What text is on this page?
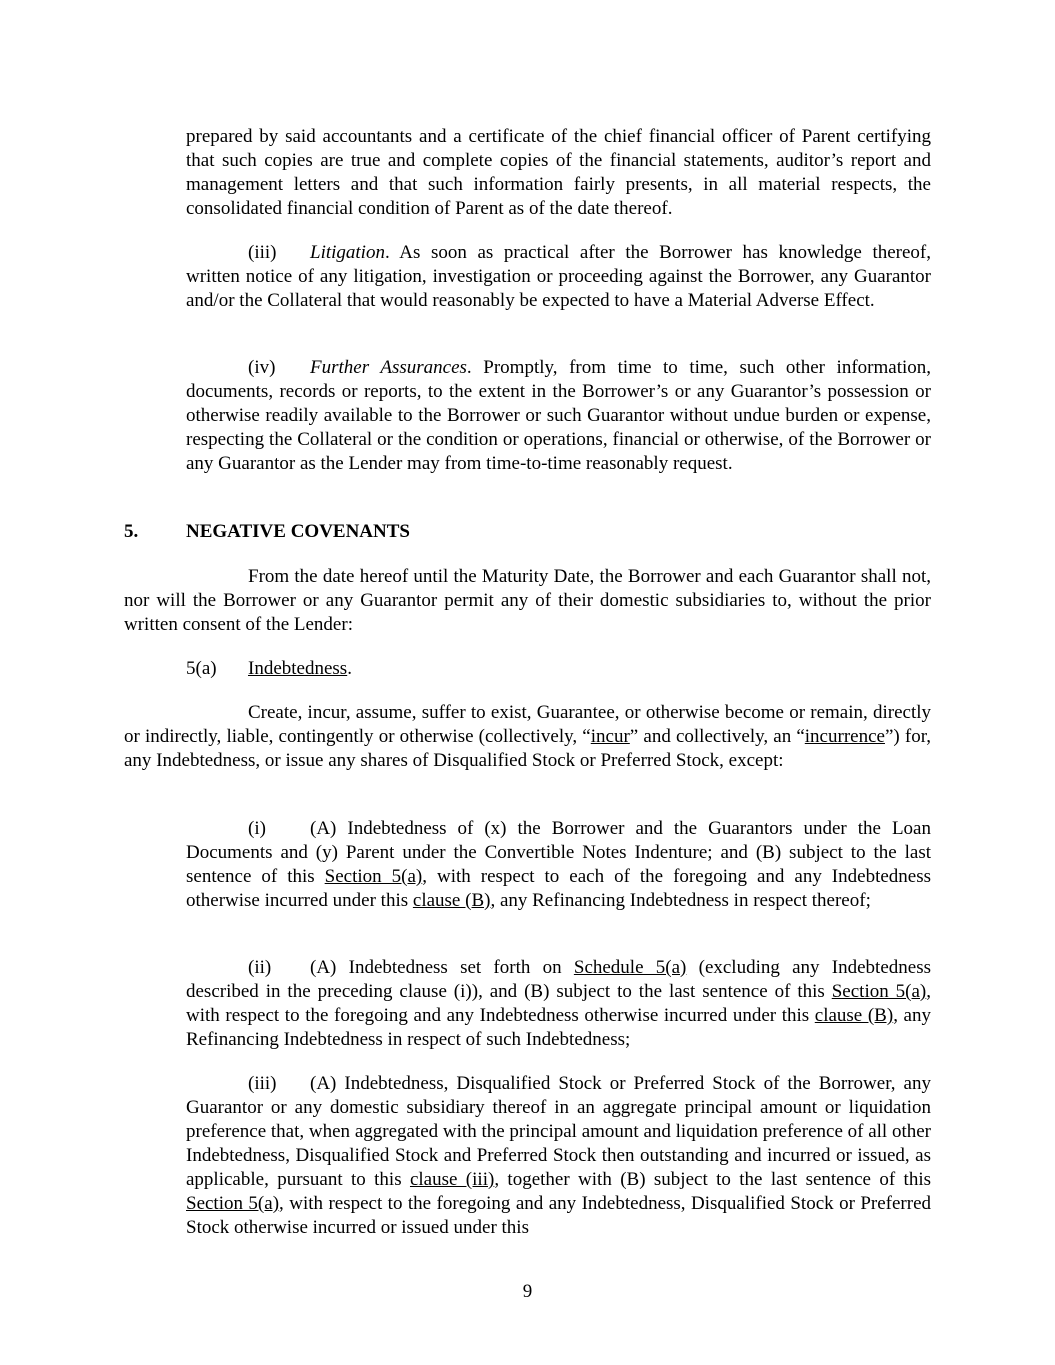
prepared by said accountants and a certificate of the chief financial officer of Parent certifying that such copies are true and complete copies of the financial statements, auditor’s report and management letters and that such information fairly presents, in all material respects, the consolidated financial condition of Parent as of the date thereof.

(iii) Litigation. As soon as practical after the Borrower has knowledge thereof, written notice of any litigation, investigation or proceeding against the Borrower, any Guarantor and/or the Collateral that would reasonably be expected to have a Material Adverse Effect.

(iv) Further Assurances. Promptly, from time to time, such other information, documents, records or reports, to the extent in the Borrower’s or any Guarantor’s possession or otherwise readily available to the Borrower or such Guarantor without undue burden or expense, respecting the Collateral or the condition or operations, financial or otherwise, of the Borrower or any Guarantor as the Lender may from time-to-time reasonably request.

5.	NEGATIVE COVENANTS

From the date hereof until the Maturity Date, the Borrower and each Guarantor shall not, nor will the Borrower or any Guarantor permit any of their domestic subsidiaries to, without the prior written consent of the Lender:

5(a) Indebtedness.

Create, incur, assume, suffer to exist, Guarantee, or otherwise become or remain, directly or indirectly, liable, contingently or otherwise (collectively, “incur” and collectively, an “incurrence”) for, any Indebtedness, or issue any shares of Disqualified Stock or Preferred Stock, except:

(i) (A) Indebtedness of (x) the Borrower and the Guarantors under the Loan Documents and (y) Parent under the Convertible Notes Indenture; and (B) subject to the last sentence of this Section 5(a), with respect to each of the foregoing and any Indebtedness otherwise incurred under this clause (B), any Refinancing Indebtedness in respect thereof;

(ii) (A) Indebtedness set forth on Schedule 5(a) (excluding any Indebtedness described in the preceding clause (i)), and (B) subject to the last sentence of this Section 5(a), with respect to the foregoing and any Indebtedness otherwise incurred under this clause (B), any Refinancing Indebtedness in respect of such Indebtedness;

(iii) (A) Indebtedness, Disqualified Stock or Preferred Stock of the Borrower, any Guarantor or any domestic subsidiary thereof in an aggregate principal amount or liquidation preference that, when aggregated with the principal amount and liquidation preference of all other Indebtedness, Disqualified Stock and Preferred Stock then outstanding and incurred or issued, as applicable, pursuant to this clause (iii), together with (B) subject to the last sentence of this Section 5(a), with respect to the foregoing and any Indebtedness, Disqualified Stock or Preferred Stock otherwise incurred or issued under this

9
